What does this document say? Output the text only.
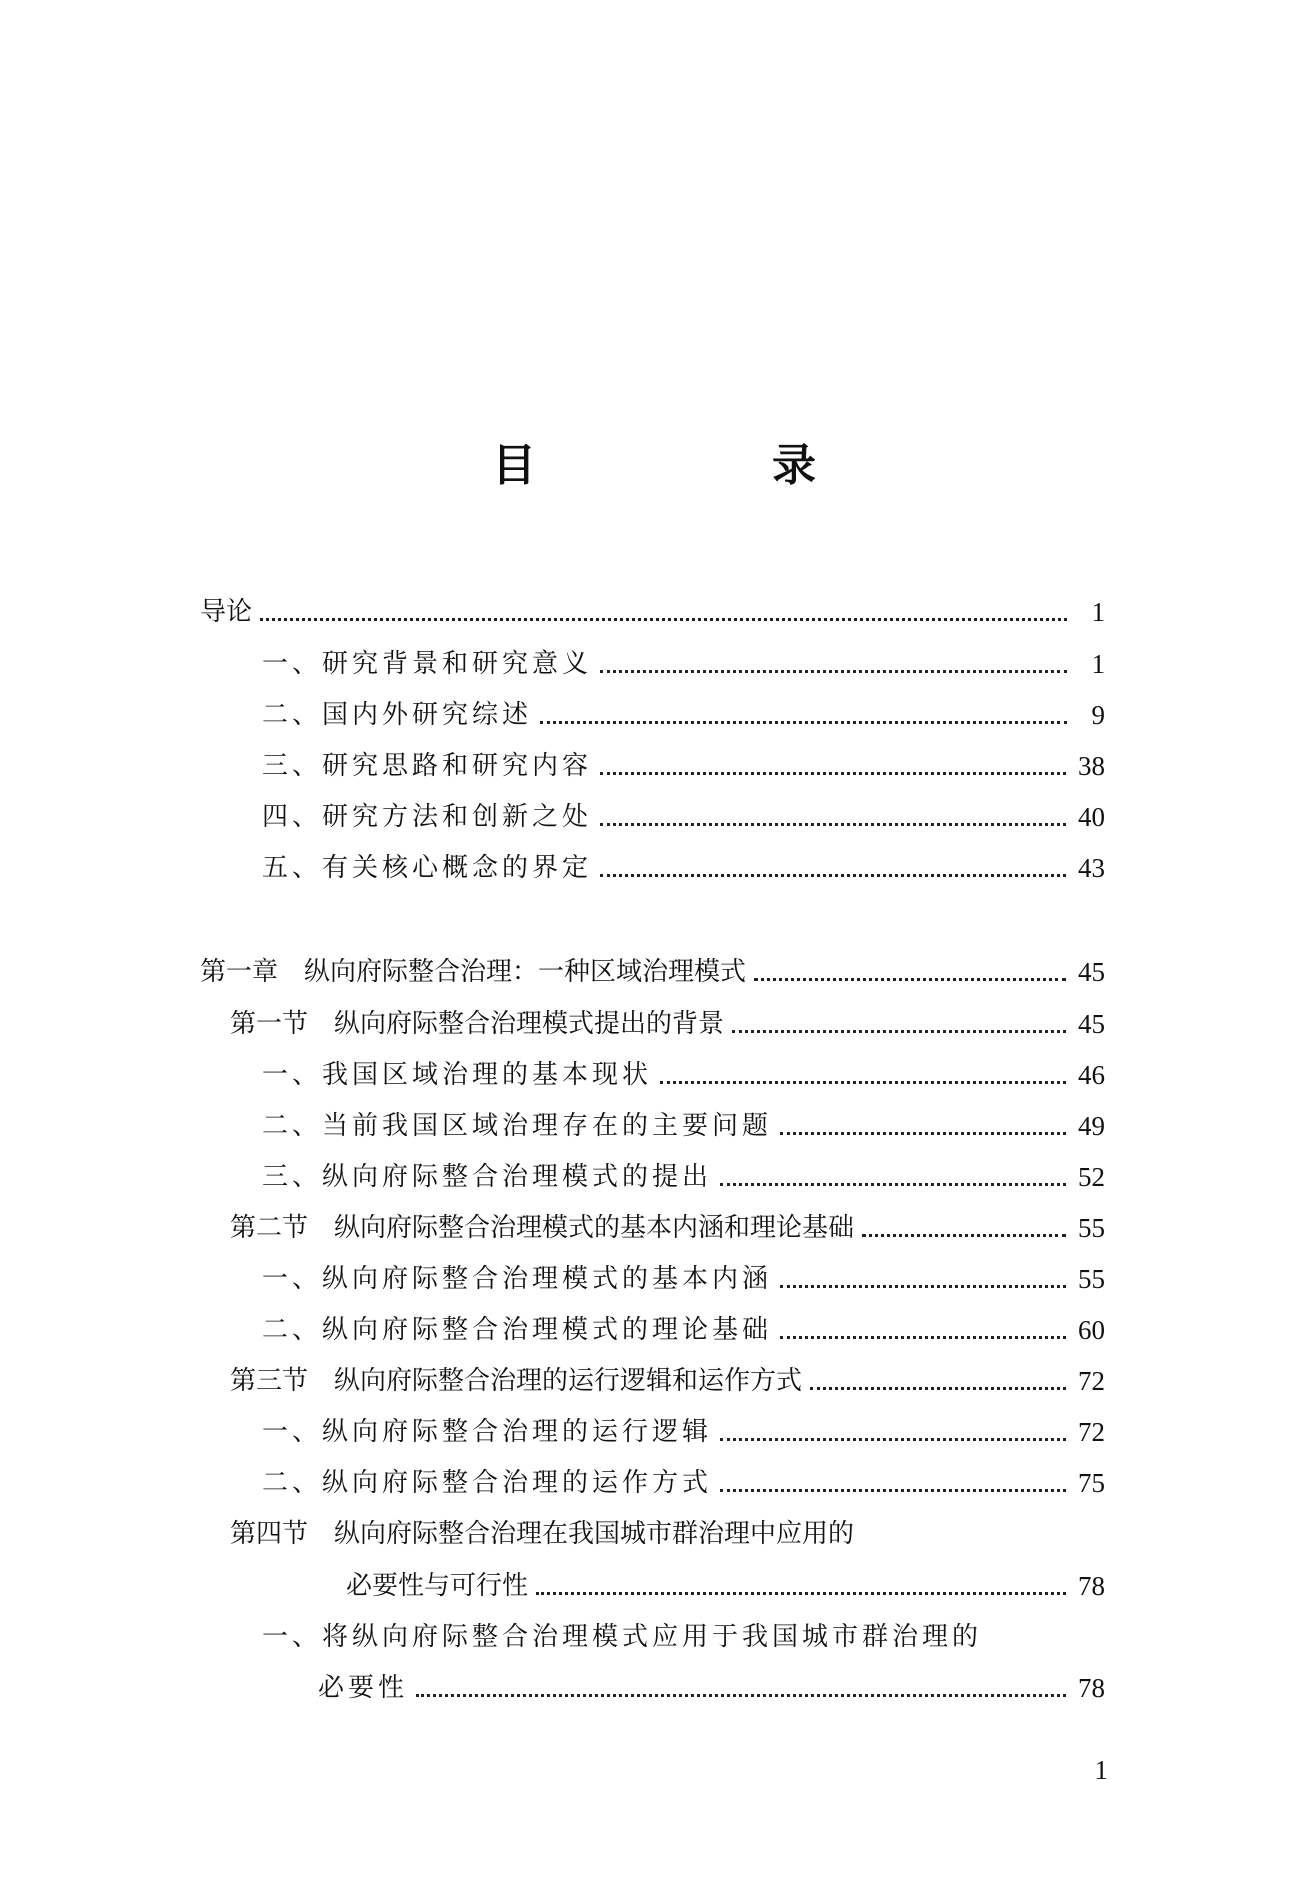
目　录
导论	1
一、研究背景和研究意义	1
二、国内外研究综述	9
三、研究思路和研究内容	38
四、研究方法和创新之处	40
五、有关核心概念的界定	43
第一章 纵向府际整合治理：一种区域治理模式	45
第一节 纵向府际整合治理模式提出的背景	45
一、我国区域治理的基本现状	46
二、当前我国区域治理存在的主要问题	49
三、纵向府际整合治理模式的提出	52
第二节 纵向府际整合治理模式的基本内涵和理论基础	55
一、纵向府际整合治理模式的基本内涵	55
二、纵向府际整合治理模式的理论基础	60
第三节 纵向府际整合治理的运行逻辑和运作方式	72
一、纵向府际整合治理的运行逻辑	72
二、纵向府际整合治理的运作方式	75
第四节 纵向府际整合治理在我国城市群治理中应用的
必要性与可行性	78
一、将纵向府际整合治理模式应用于我国城市群治理的
必要性	78
1
